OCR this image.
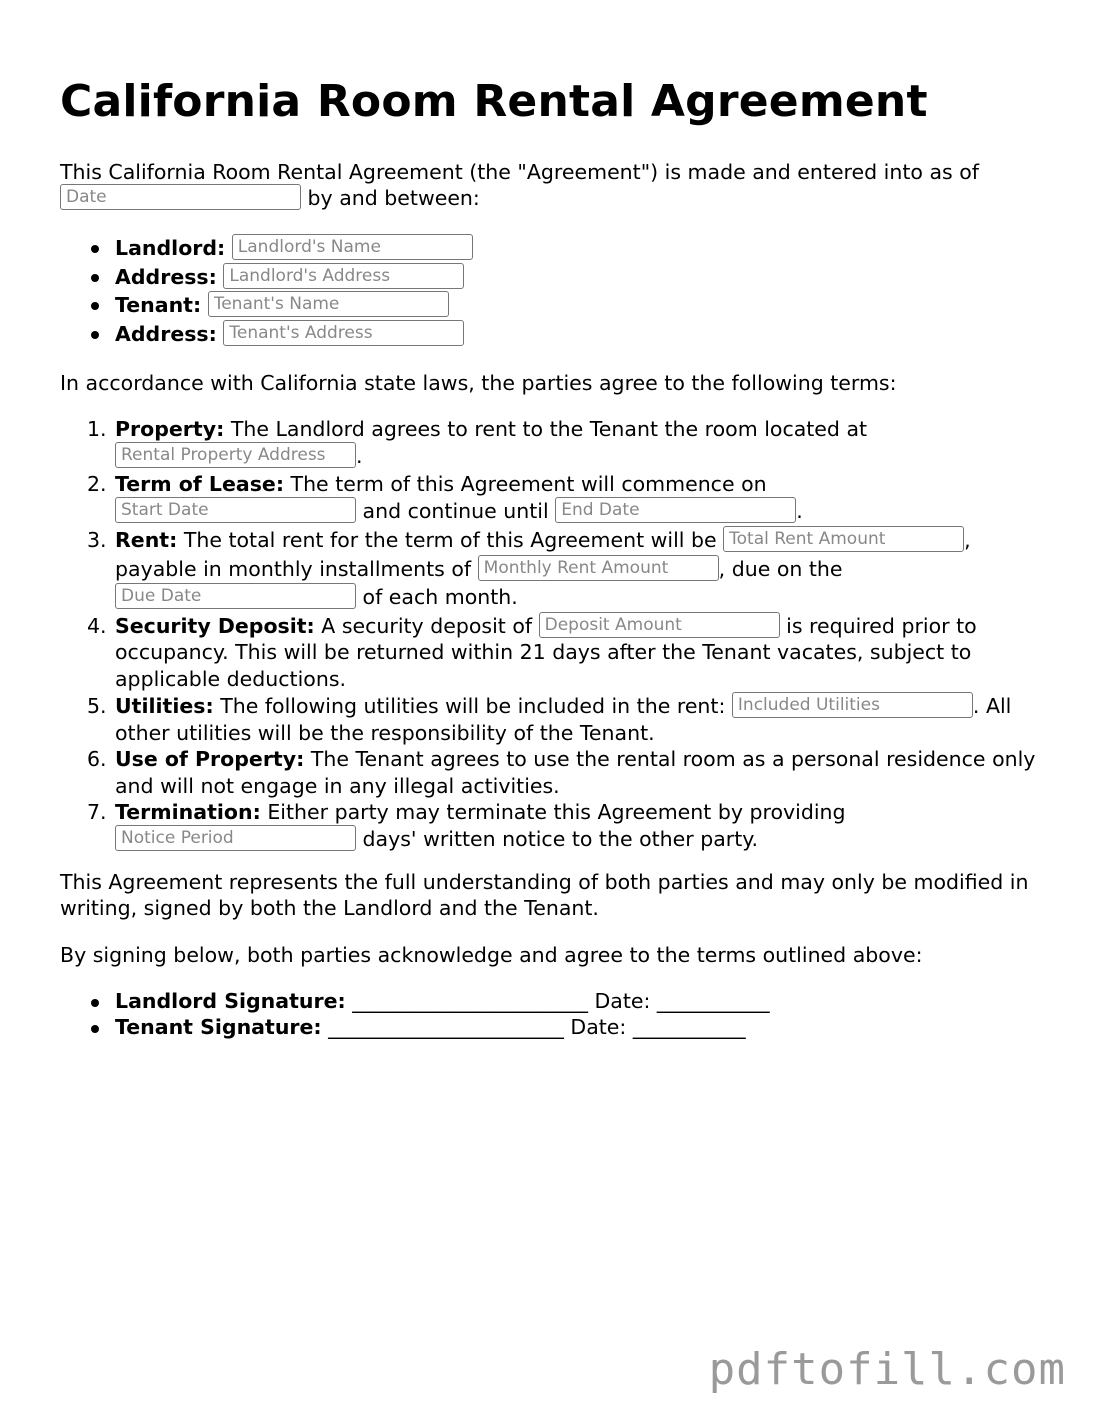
California Room Rental Agreement
This California Room Rental Agreement (the "Agreement") is made and entered into as of
Date by and between:
Landlord: Landlord's Name
Address: Landlord's Address
Tenant: Tenant's Name
Address: Tenant's Address
In accordance with California state laws, the parties agree to the following terms:
1. Property: The Landlord agrees to rent to the Tenant the room located at
Rental Property Address.
2. Term of Lease: The term of this Agreement will commence on
Start Date and continue until End Date	.
3. Rent: The total rent for the term of this Agreement will be Total Rent Amount	,
payable in monthly installments of Monthly Rent Amount	, due on the
Due Date of each month.
4. Security Deposit: A security deposit of Deposit Amount	is required prior to occupancy. This will be returned within 21 days after the Tenant vacates, subject to applicable deductions.
5. Utilities: The following utilities will be included in the rent: Included Utilities	. All other utilities will be the responsibility of the Tenant.
6. Use of Property: The Tenant agrees to use the rental room as a personal residence only and will not engage in any illegal activities.
7. Termination: Either party may terminate this Agreement by providing
Notice Period days' written notice to the other party.
This Agreement represents the full understanding of both parties and may only be modified in writing, signed by both the Landlord and the Tenant.
By signing below, both parties acknowledge and agree to the terms outlined above:
Landlord Signature: _______________________ Date: ___________
Tenant Signature: _______________________ Date: ___________
pdftofill.com
